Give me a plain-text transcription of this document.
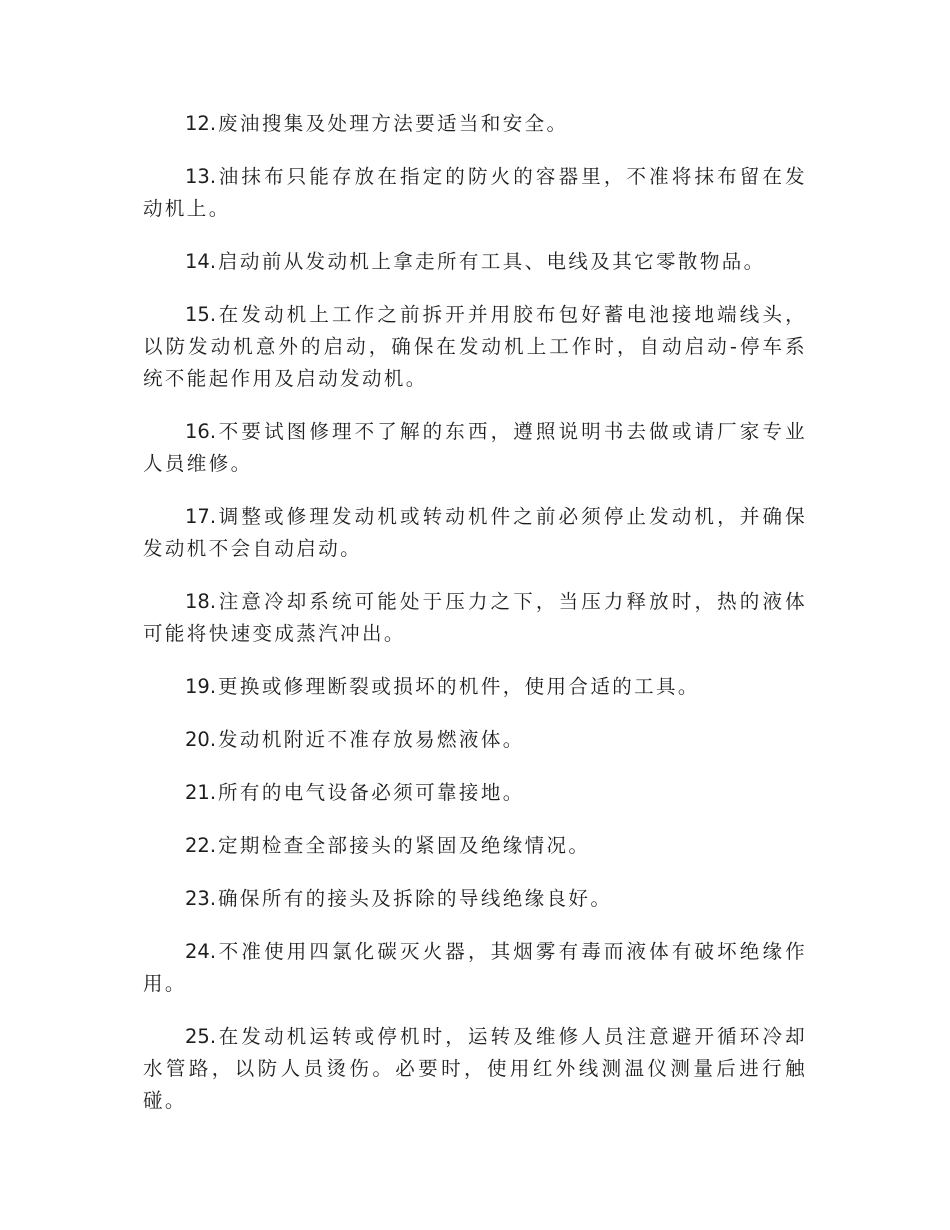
12. 废油搜集及处理方法要适当和安全。

13. 油抹布只能存放在指定的防火的容器里，不准将抹布留在发动机上。

14. 启动前从发动机上拿走所有工具、电线及其它零散物品。

15. 在发动机上工作之前拆开并用胶布包好蓄电池接地端线头，以防发动机意外的启动，确保在发动机上工作时，自动启动-停车系统不能起作用及启动发动机。

16. 不要试图修理不了解的东西，遵照说明书去做或请厂家专业人员维修。

17. 调整或修理发动机或转动机件之前必须停止发动机，并确保发动机不会自动启动。

18. 注意冷却系统可能处于压力之下，当压力释放时，热的液体可能将快速变成蒸汽冲出。

19. 更换或修理断裂或损坏的机件，使用合适的工具。

20. 发动机附近不准存放易燃液体。

21. 所有的电气设备必须可靠接地。

22. 定期检查全部接头的紧固及绝缘情况。

23. 确保所有的接头及拆除的导线绝缘良好。

24. 不准使用四氯化碳灭火器，其烟雾有毒而液体有破坏绝缘作用。

25. 在发动机运转或停机时，运转及维修人员注意避开循环冷却水管路，以防人员烫伤。必要时，使用红外线测温仪测量后进行触碰。
